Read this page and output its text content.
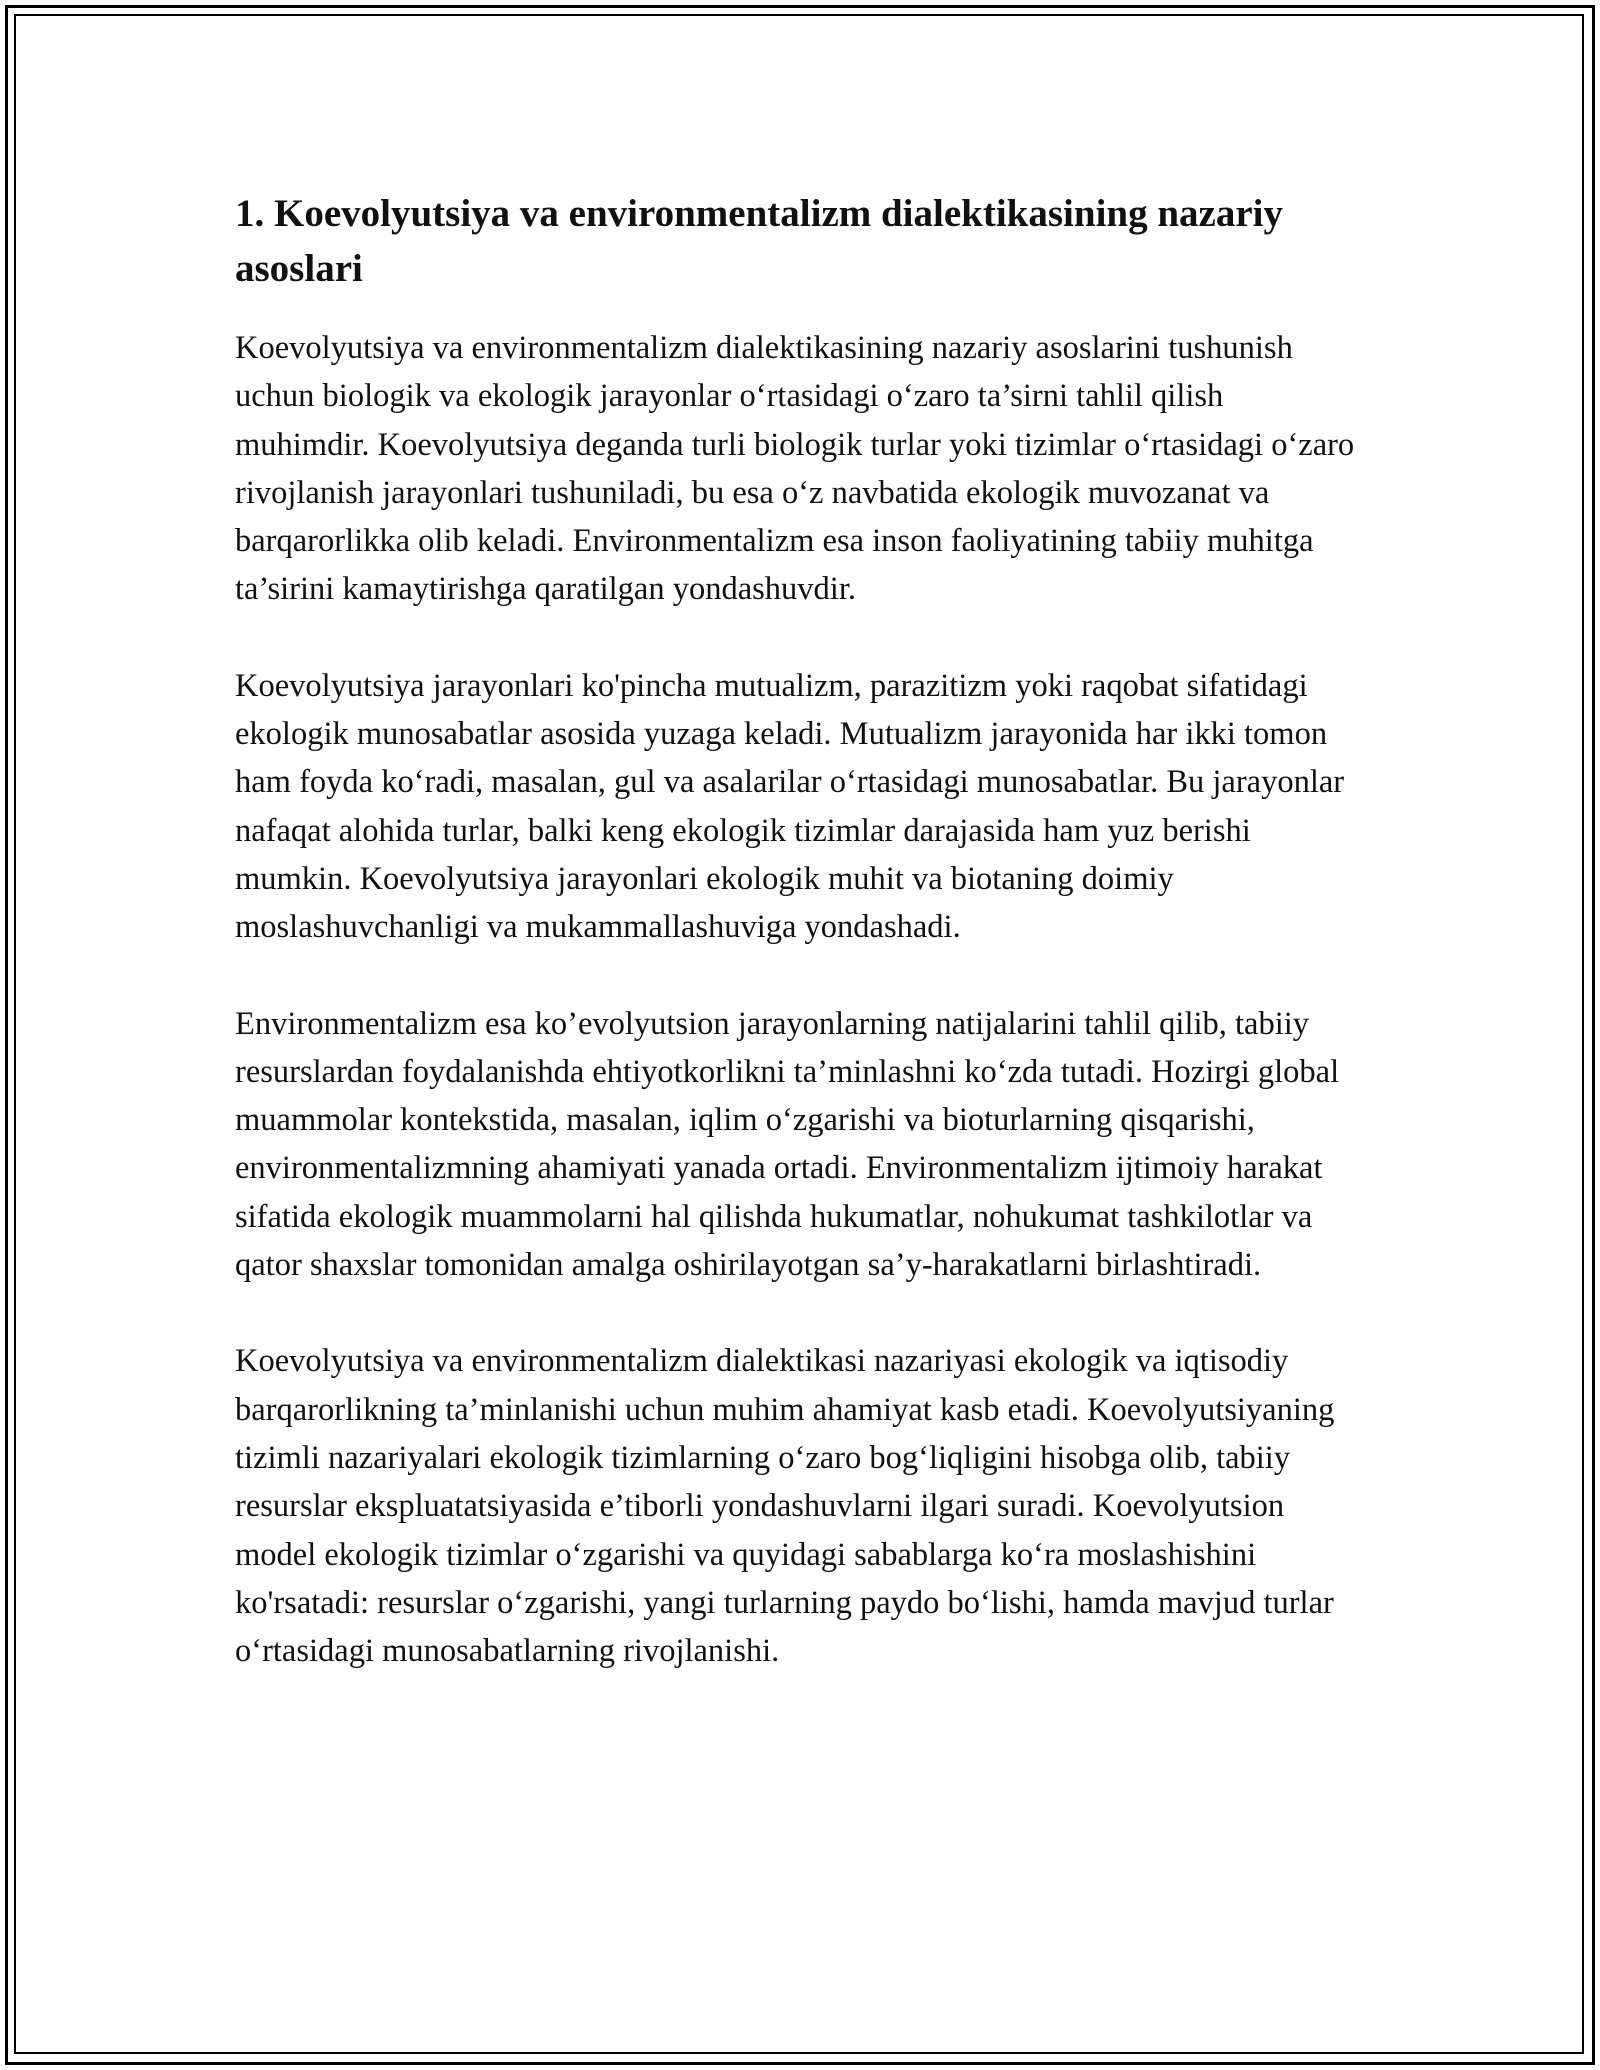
1. Koevolyutsiya va environmentalizm dialektikasining nazariy asoslari

Koevolyutsiya va environmentalizm dialektikasining nazariy asoslarini tushunish uchun biologik va ekologik jarayonlar o‘rtasidagi o‘zaro ta’sirni tahlil qilish muhimdir. Koevolyutsiya deganda turli biologik turlar yoki tizimlar o‘rtasidagi o‘zaro rivojlanish jarayonlari tushuniladi, bu esa o‘z navbatida ekologik muvozanat va barqarorlikka olib keladi. Environmentalizm esa inson faoliyatining tabiiy muhitga ta’sirini kamaytirishga qaratilgan yondashuvdir.

Koevolyutsiya jarayonlari ko'pincha mutualizm, parazitizm yoki raqobat sifatidagi ekologik munosabatlar asosida yuzaga keladi. Mutualizm jarayonida har ikki tomon ham foyda ko‘radi, masalan, gul va asalarilar o‘rtasidagi munosabatlar. Bu jarayonlar nafaqat alohida turlar, balki keng ekologik tizimlar darajasida ham yuz berishi mumkin. Koevolyutsiya jarayonlari ekologik muhit va biotaning doimiy moslashuvchanligi va mukammallashuviga yondashadi.

Environmentalizm esa ko’evolyutsion jarayonlarning natijalarini tahlil qilib, tabiiy resurslardan foydalanishda ehtiyotkorlikni ta’minlashni ko‘zda tutadi. Hozirgi global muammolar kontekstida, masalan, iqlim o‘zgarishi va bioturlarning qisqarishi, environmentalizmning ahamiyati yanada ortadi. Environmentalizm ijtimoiy harakat sifatida ekologik muammolarni hal qilishda hukumatlar, nohukumat tashkilotlar va qator shaxslar tomonidan amalga oshirilayotgan sa’y-harakatlarni birlashtiradi.

Koevolyutsiya va environmentalizm dialektikasi nazariyasi ekologik va iqtisodiy barqarorlikning ta’minlanishi uchun muhim ahamiyat kasb etadi. Koevolyutsiyaning tizimli nazariyalari ekologik tizimlarning o‘zaro bog‘liqligini hisobga olib, tabiiy resurslar ekspluatatsiyasida e’tiborli yondashuvlarni ilgari suradi. Koevolyutsion model ekologik tizimlar o‘zgarishi va quyidagi sabablarga ko‘ra moslashishini ko'rsatadi: resurslar o‘zgarishi, yangi turlarning paydo bo‘lishi, hamda mavjud turlar o‘rtasidagi munosabatlarning rivojlanishi.
